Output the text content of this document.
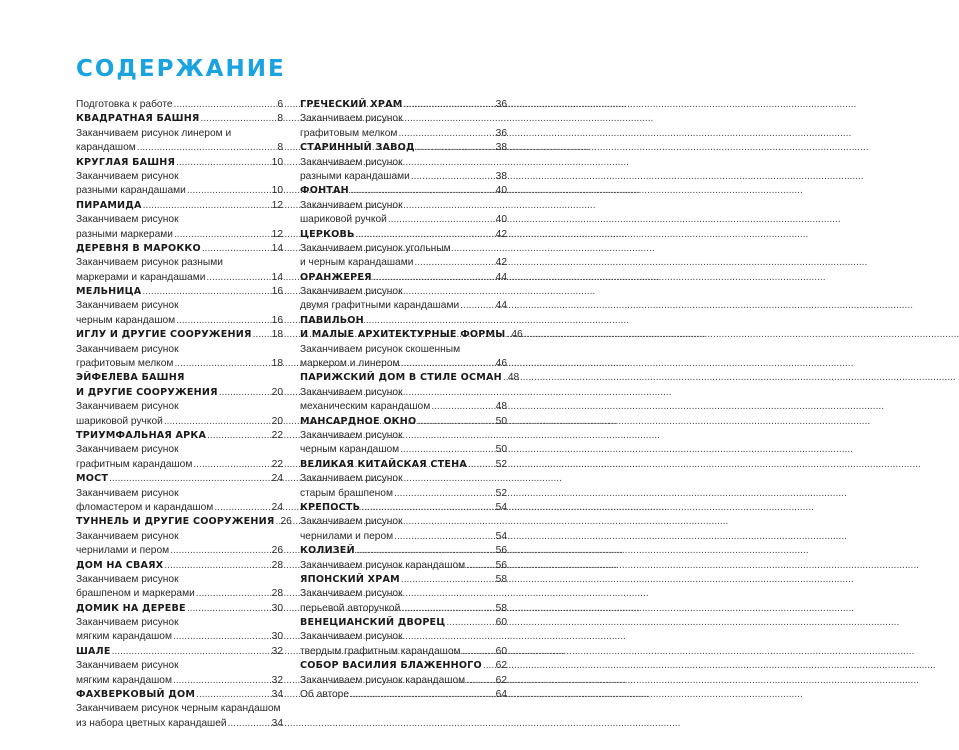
СОДЕРЖАНИЕ
Подготовка к работе .....	6
КВАДРАТНАЯ БАШНЯ .....	8
Заканчиваем рисунок линером и
карандашом .....	8
КРУГЛАЯ БАШНЯ .....	10
Заканчиваем рисунок
разными карандашами .....	10
ПИРАМИДА .....	12
Заканчиваем рисунок
разными маркерами .....	12
ДЕРЕВНЯ В МАРОККО .....	14
Заканчиваем рисунок разными
маркерами и карандашами .....	14
МЕЛЬНИЦА .....	16
Заканчиваем рисунок
черным карандашом .....	16
ИГЛУ И ДРУГИЕ СООРУЖЕНИЯ ..... 18
Заканчиваем рисунок
графитовым мелком .....	18
ЭЙФЕЛЕВА БАШНЯ
И ДРУГИЕ СООРУЖЕНИЯ .....	20
Заканчиваем рисунок
шариковой ручкой .....	20
ТРИУМФАЛЬНАЯ АРКА .....	22
Заканчиваем рисунок
графитным карандашом .....	22
МОСТ .....	24
Заканчиваем рисунок
фломастером и карандашом .....	24
ТУННЕЛЬ И ДРУГИЕ СООРУЖЕНИЯ ..... 26
Заканчиваем рисунок
чернилами и пером .....	26
ДОМ НА СВАЯХ .....	28
Заканчиваем рисунок
брашпеном и маркерами .....	28
ДОМИК НА ДЕРЕВЕ .....	30
Заканчиваем рисунок
мягким карандашом .....	30
ШАЛЕ .....	32
Заканчиваем рисунок
мягким карандашом .....	32
ФАХВЕРКОВЫЙ ДОМ .....	34
Заканчиваем рисунок черным карандашом
из набора цветных карандашей .....	34
ГРЕЧЕСКИЙ ХРАМ .....	36
Заканчиваем рисунок
графитовым мелком .....	36
СТАРИННЫЙ ЗАВОД .....	38
Заканчиваем рисунок
разными карандашами .....	38
ФОНТАН .....	40
Заканчиваем рисунок
шариковой ручкой .....	40
ЦЕРКОВЬ .....	42
Заканчиваем рисунок угольным
и черным карандашами .....	42
ОРАНЖЕРЕЯ .....	44
Заканчиваем рисунок
двумя графитными карандашами .....	44
ПАВИЛЬОН
И МАЛЫЕ АРХИТЕКТУРНЫЕ ФОРМЫ ..... 46
Заканчиваем рисунок скошенным
маркером и линером .....	46
ПАРИЖСКИЙ ДОМ В СТИЛЕ ОСМАН ..... 48
Заканчиваем рисунок
механическим карандашом .....	48
МАНСАРДНОЕ ОКНО .....	50
Заканчиваем рисунок
черным карандашом .....	50
ВЕЛИКАЯ КИТАЙСКАЯ СТЕНА .....	52
Заканчиваем рисунок
старым брашпеном .....	52
КРЕПОСТЬ .....	54
Заканчиваем рисунок
чернилами и пером .....	54
КОЛИЗЕЙ .....	56
Заканчиваем рисунок карандашом .....	56
ЯПОНСКИЙ ХРАМ .....	58
Заканчиваем рисунок
перьевой авторучкой .....	58
ВЕНЕЦИАНСКИЙ ДВОРЕЦ .....	60
Заканчиваем рисунок
твердым графитным карандашом .....	60
СОБОР ВАСИЛИЯ БЛАЖЕННОГО ..... 62
Заканчиваем рисунок карандашом .....	62
Об авторе .....	64
